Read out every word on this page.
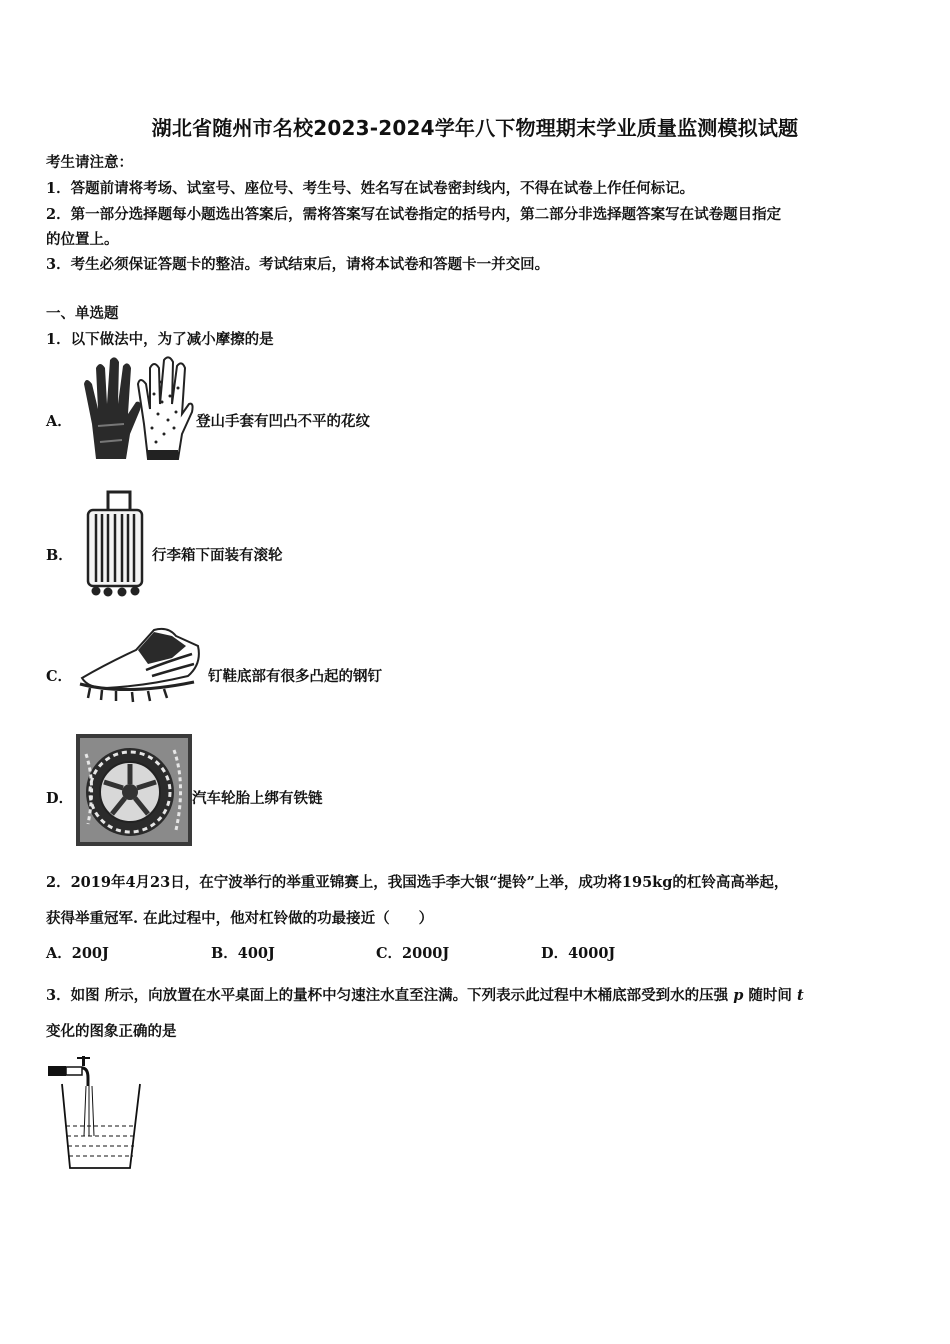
湖北省随州市名校2023-2024学年八下物理期末学业质量监测模拟试题
考生请注意：
1．答题前请将考场、试室号、座位号、考生号、姓名写在试卷密封线内，不得在试卷上作任何标记。
2．第一部分选择题每小题选出答案后，需将答案写在试卷指定的括号内，第二部分非选择题答案写在试卷题目指定
的位置上。
3．考生必须保证答题卡的整洁。考试结束后，请将本试卷和答题卡一并交回。
一、单选题
1．以下做法中，为了减小摩擦的是
A．	登山手套有凹凸不平的花纹
B．	行李箱下面装有滚轮
C．	钉鞋底部有很多凸起的钢钉
D．	汽车轮胎上绑有铁链
2．2019年4月23日，在宁波举行的举重亚锦赛上，我国选手李大银“提铃”上举，成功将195kg的杠铃高高举起，
获得举重冠军. 在此过程中，他对杠铃做的功最接近（　　）
A．200J	B．400J	C．2000J	D．4000J
3．如图 所示，向放置在水平桌面上的量杯中匀速注水直至注满。下列表示此过程中木桶底部受到水的压强 p 随时间 t
变化的图象正确的是
